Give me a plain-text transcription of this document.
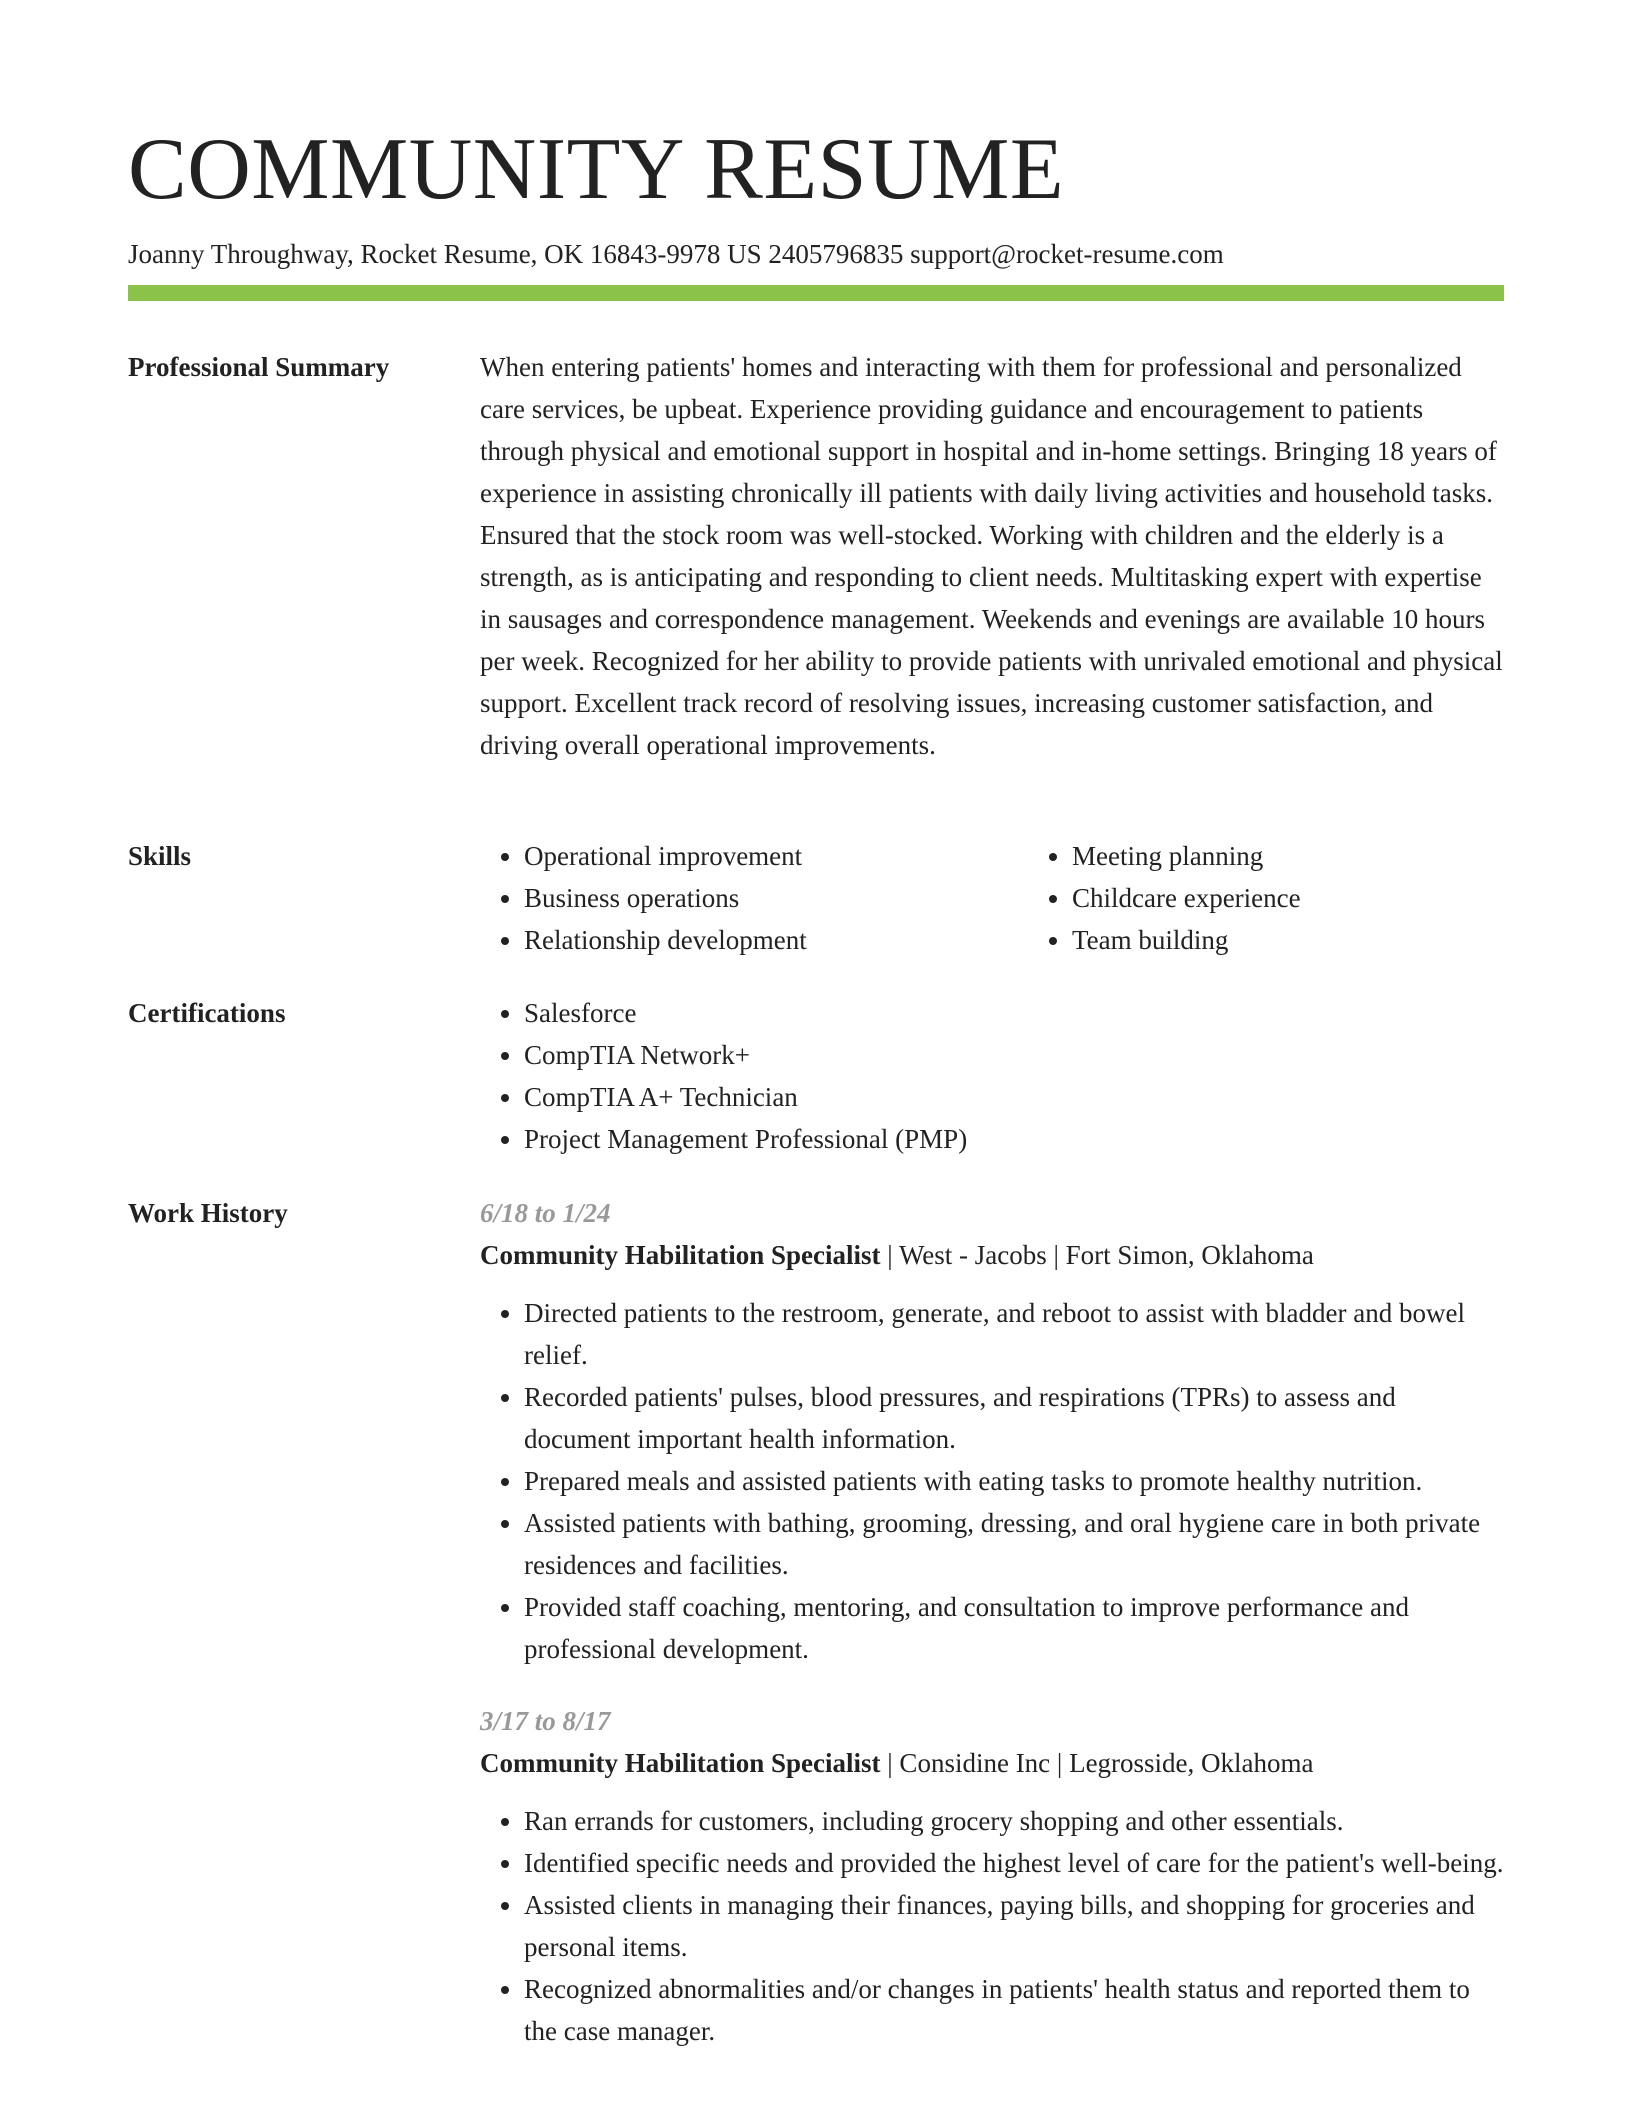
COMMUNITY RESUME
Joanny Throughway, Rocket Resume, OK 16843-9978 US 2405796835 support@rocket-resume.com
Professional Summary	When entering patients' homes and interacting with them for professional and personalized care services, be upbeat. Experience providing guidance and encouragement to patients through physical and emotional support in hospital and in-home settings. Bringing 18 years of experience in assisting chronically ill patients with daily living activities and household tasks. Ensured that the stock room was well-stocked. Working with children and the elderly is a strength, as is anticipating and responding to client needs. Multitasking expert with expertise in sausages and correspondence management. Weekends and evenings are available 10 hours per week. Recognized for her ability to provide patients with unrivaled emotional and physical support. Excellent track record of resolving issues, increasing customer satisfaction, and driving overall operational improvements.

Skills	• Operational improvement
• Business operations
• Relationship development
• Meeting planning
• Childcare experience
• Team building
Certifications	• Salesforce
• CompTIA Network+
• CompTIA A+ Technician
• Project Management Professional (PMP)
Work History	6/18 to 1/24
Community Habilitation Specialist | West - Jacobs | Fort Simon, Oklahoma
• Directed patients to the restroom, generate, and reboot to assist with bladder and bowel relief.
• Recorded patients' pulses, blood pressures, and respirations (TPRs) to assess and document important health information.
• Prepared meals and assisted patients with eating tasks to promote healthy nutrition.
• Assisted patients with bathing, grooming, dressing, and oral hygiene care in both private residences and facilities.
• Provided staff coaching, mentoring, and consultation to improve performance and professional development.
3/17 to 8/17
Community Habilitation Specialist | Considine Inc | Legrosside, Oklahoma
• Ran errands for customers, including grocery shopping and other essentials.
• Identified specific needs and provided the highest level of care for the patient's well-being.
• Assisted clients in managing their finances, paying bills, and shopping for groceries and personal items.
• Recognized abnormalities and/or changes in patients' health status and reported them to the case manager.
